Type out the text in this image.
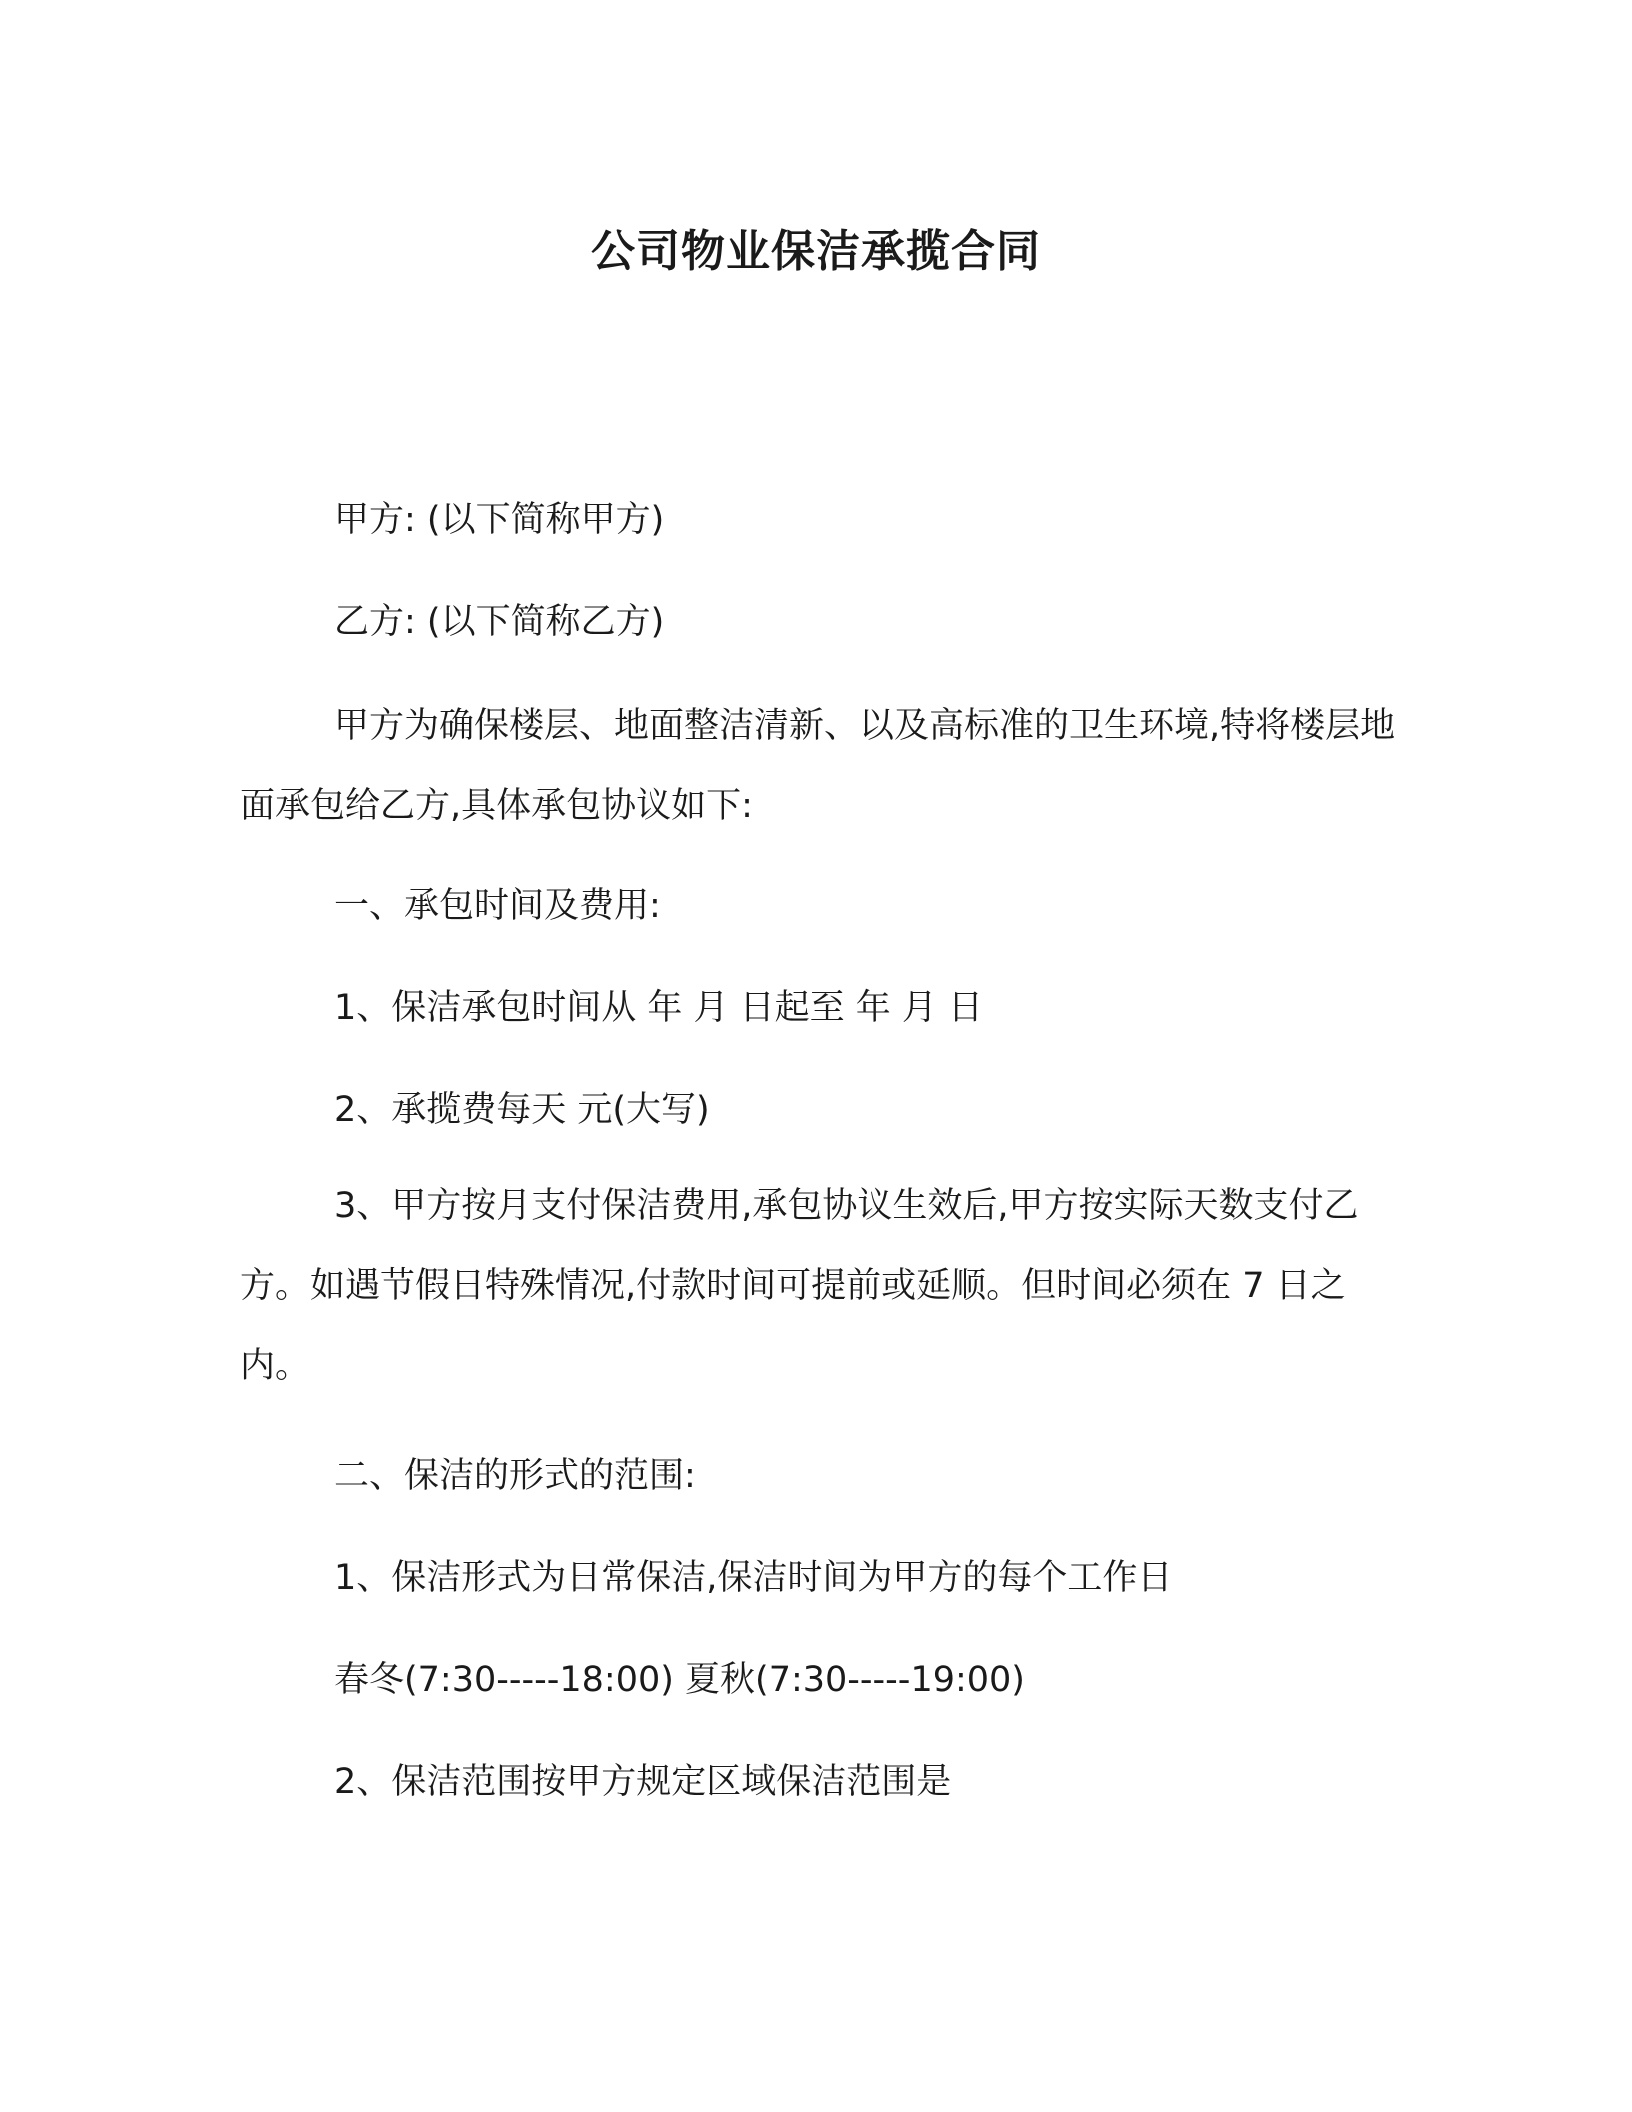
公司物业保洁承揽合同
甲方: (以下简称甲方)
乙方: (以下简称乙方)
甲方为确保楼层、地面整洁清新、以及高标准的卫生环境,特将楼层地面承包给乙方,具体承包协议如下:
一、承包时间及费用:
1、保洁承包时间从 年 月 日起至 年 月 日
2、承揽费每天 元(大写)
3、甲方按月支付保洁费用,承包协议生效后,甲方按实际天数支付乙方。如遇节假日特殊情况,付款时间可提前或延顺。但时间必须在 7 日之内。
二、保洁的形式的范围:
1、保洁形式为日常保洁,保洁时间为甲方的每个工作日
春冬(7:30-----18:00) 夏秋(7:30-----19:00)
2、保洁范围按甲方规定区域保洁范围是
